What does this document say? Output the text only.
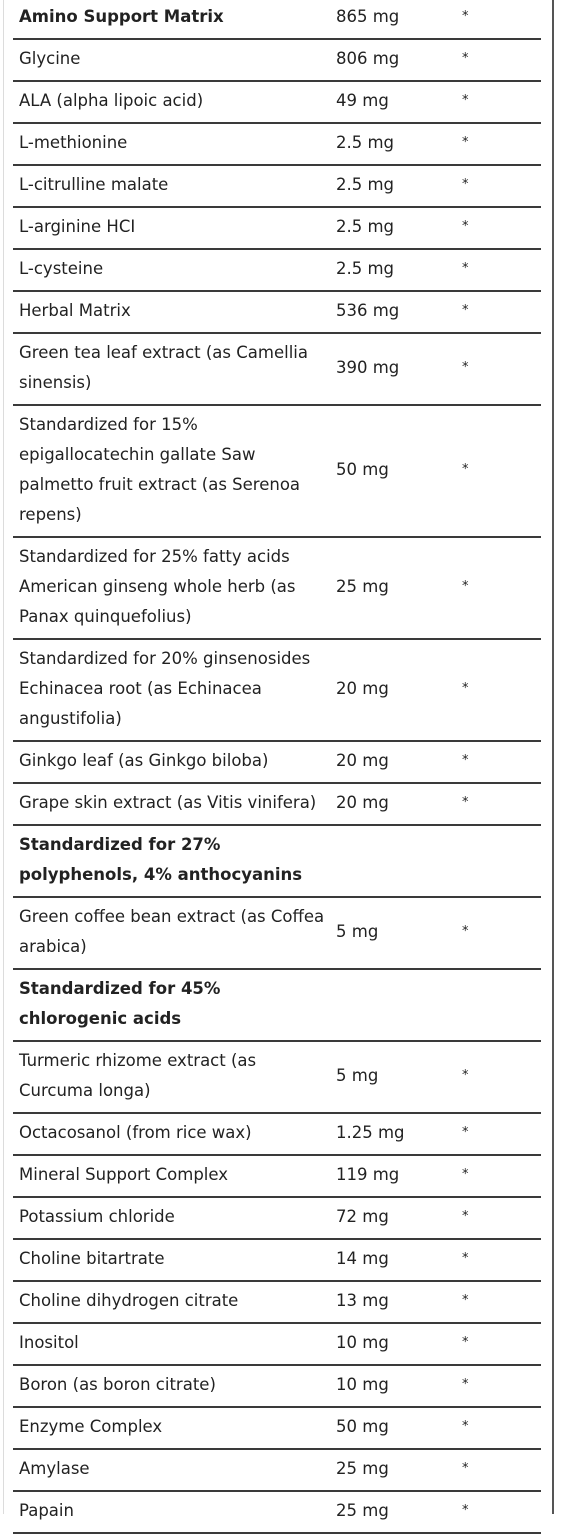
Amino Support Matrix	865 mg	*
Glycine	806 mg	*
ALA (alpha lipoic acid)	49 mg	*
L-methionine	2.5 mg	*
L-citrulline malate	2.5 mg	*
L-arginine HCI	2.5 mg	*
L-cysteine	2.5 mg	*
Herbal Matrix	536 mg	*
Green tea leaf extract (as Camellia sinensis)	390 mg	*
Standardized for 15% epigallocatechin gallate Saw palmetto fruit extract (as Serenoa repens)	50 mg	*
Standardized for 25% fatty acids American ginseng whole herb (as Panax quinquefolius)	25 mg	*
Standardized for 20% ginsenosides Echinacea root (as Echinacea angustifolia)	20 mg	*
Ginkgo leaf (as Ginkgo biloba)	20 mg	*
Grape skin extract (as Vitis vinifera)	20 mg	*
Standardized for 27% polyphenols, 4% anthocyanins		
Green coffee bean extract (as Coffea arabica)	5 mg	*
Standardized for 45% chlorogenic acids		
Turmeric rhizome extract (as Curcuma longa)	5 mg	*
Octacosanol (from rice wax)	1.25 mg	*
Mineral Support Complex	119 mg	*
Potassium chloride	72 mg	*
Choline bitartrate	14 mg	*
Choline dihydrogen citrate	13 mg	*
Inositol	10 mg	*
Boron (as boron citrate)	10 mg	*
Enzyme Complex	50 mg	*
Amylase	25 mg	*
Papain	25 mg	*
